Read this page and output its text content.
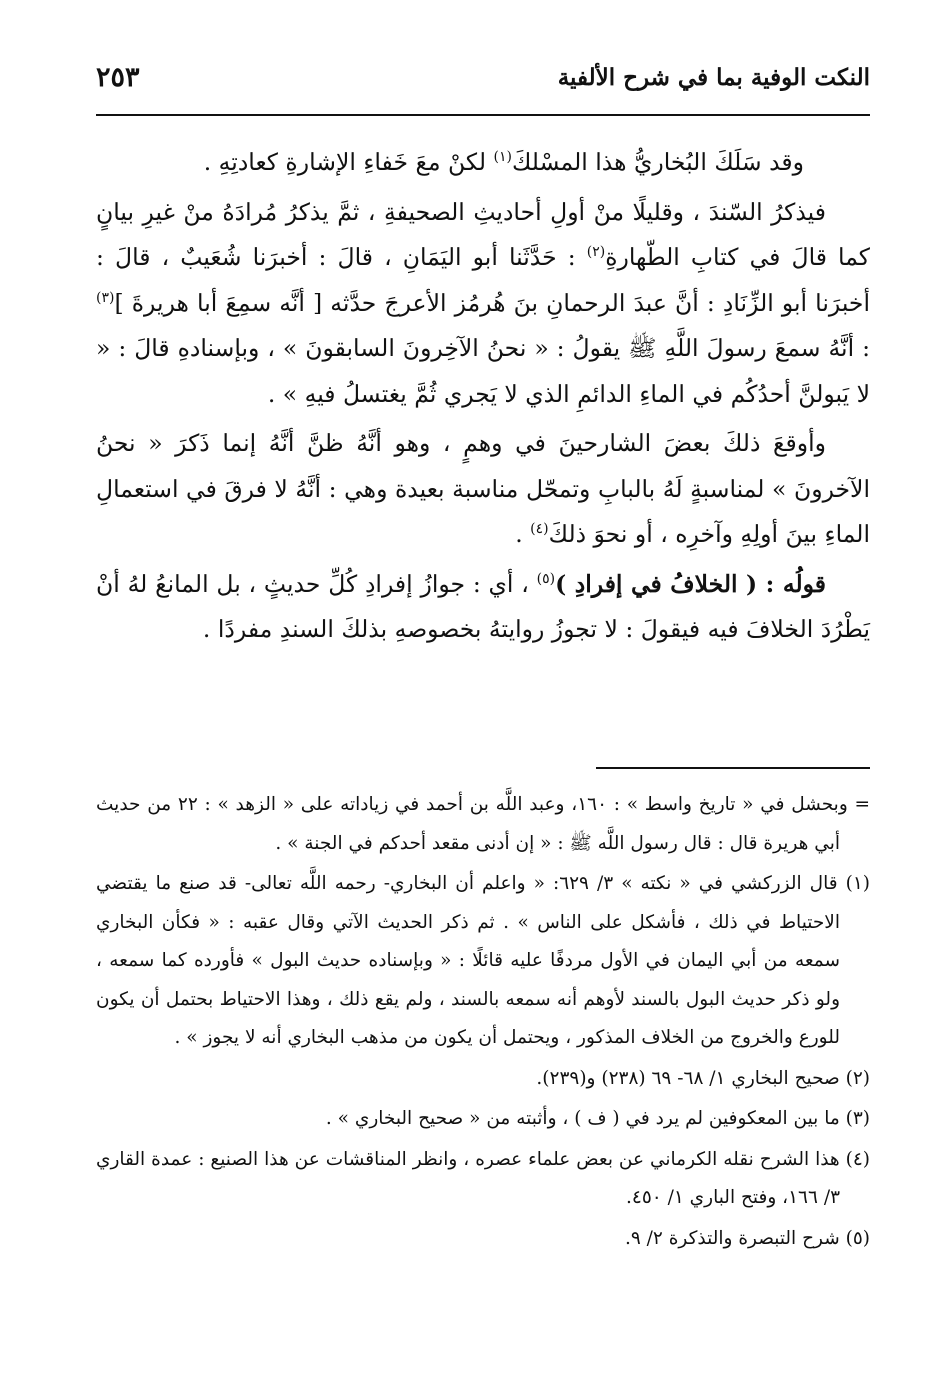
النكت الوفية بما في شرح الألفية
٢٥٣

وقد سَلَكَ البُخاريُّ هذا المسْلكَ$^{(١)}$ لكنْ معَ خَفاءِ الإشارةِ كعادتِهِ .

فيذكرُ السّندَ ، وقليلًا منْ أولِ أحاديثِ الصحيفةِ ، ثمَّ يذكرُ مُرادَهُ منْ غيرِ بيانٍ كما قالَ في كتابِ الطّهارةِ$^{(٢)}$ : حَدَّثَنا أبو اليَمَانِ ، قالَ : أخبرَنا شُعَيبٌ ، قالَ : أخبرَنا أبو الزِّنَادِ : أنَّ عبدَ الرحمانِ بنَ هُرمُز الأعرجَ حدَّثه [ أنَّه سمِعَ أبا هريرةَ ]$^{(٣)}$ : أنَّهُ سمعَ رسولَ اللَّهِ ﷺ يقولُ : « نحنُ الآخِرونَ السابقونَ » ، وبإسنادهِ قالَ : « لا يَبولنَّ أحدُكُم في الماءِ الدائمِ الذي لا يَجري ثُمَّ يغتسلُ فيهِ » .

وأوقعَ ذلكَ بعضَ الشارحينَ في وهمٍ ، وهو أنَّهُ ظنَّ أنَّهُ إنما ذَكرَ « نحنُ الآخرونَ » لمناسبةٍ لَهُ بالبابِ وتمحّل مناسبة بعيدة وهي : أنَّهُ لا فرقَ في استعمالِ الماءِ بينَ أولِهِ وآخرِه ، أو نحوَ ذلكَ$^{(٤)}$ .

قولُه : ( الخلافُ في إفرادِ )$^{(٥)}$ ، أي : جوازُ إفرادِ كُلِّ حديثٍ ، بل المانعُ لهُ أنْ يَطْرُدَ الخلافَ فيه فيقولَ : لا تجوزُ روايتهُ بخصوصهِ بذلكَ السندِ مفردًا .

= وبحشل في « تاريخ واسط » : ١٦٠، وعبد اللَّه بن أحمد في زياداته على « الزهد » : ٢٢ من حديث أبي هريرة قال : قال رسول اللَّه ﷺ : « إن أدنى مقعد أحدكم في الجنة » .

(١) قال الزركشي في « نكته » ٣/ ٦٢٩: « واعلم أن البخاري- رحمه اللَّه تعالى- قد صنع ما يقتضي الاحتياط في ذلك ، فأشكل على الناس » . ثم ذكر الحديث الآتي وقال عقبه : « فكأن البخاري سمعه من أبي اليمان في الأول مردفًا عليه قائلًا : « وبإسناده حديث البول » فأورده كما سمعه ، ولو ذكر حديث البول بالسند لأوهم أنه سمعه بالسند ، ولم يقع ذلك ، وهذا الاحتياط بحتمل أن يكون للورع والخروج من الخلاف المذكور ، ويحتمل أن يكون من مذهب البخاري أنه لا يجوز » .

(٢) صحيح البخاري ١/ ٦٨- ٦٩ (٢٣٨) و(٢٣٩).

(٣) ما بين المعكوفين لم يرد في ( ف ) ، وأثبته من « صحيح البخاري » .

(٤) هذا الشرح نقله الكرماني عن بعض علماء عصره ، وانظر المناقشات عن هذا الصنيع : عمدة القاري ٣/ ١٦٦، وفتح الباري ١/ ٤٥٠.

(٥) شرح التبصرة والتذكرة ٢/ ٩.
